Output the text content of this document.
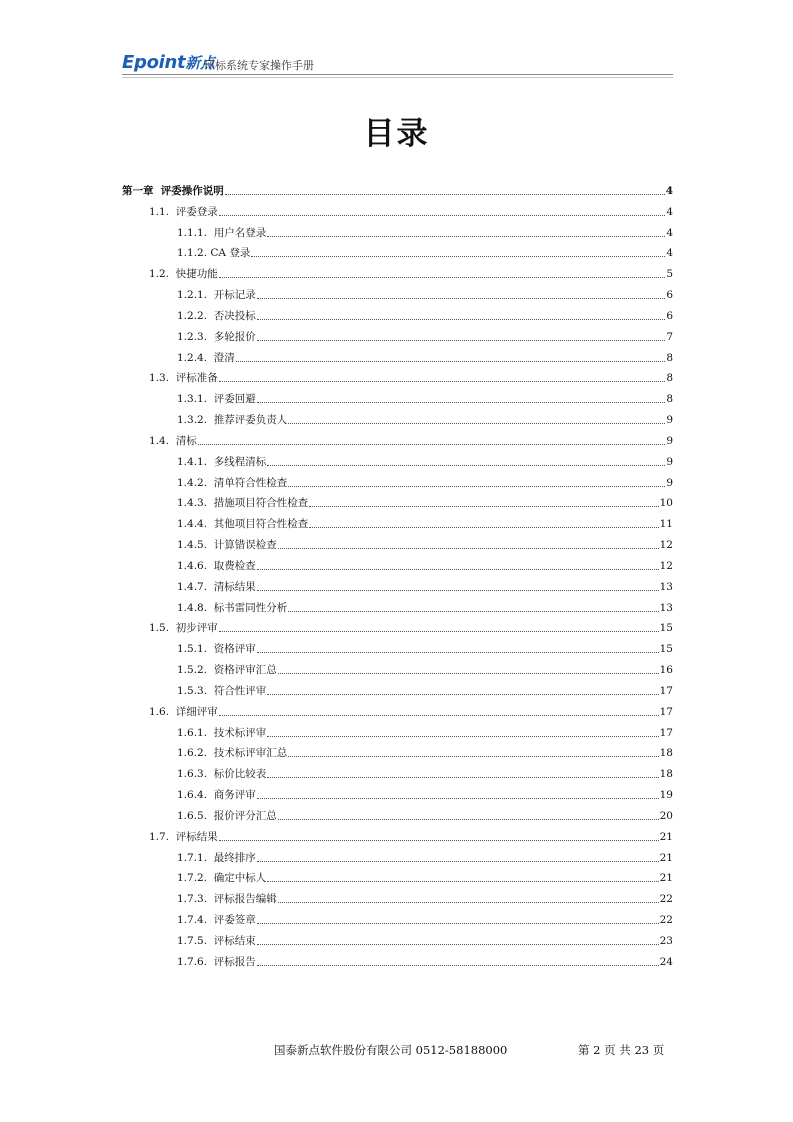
Epoint新点
评标系统专家操作手册
目录
第一章  评委操作说明	4
1.1.  评委登录	4
1.1.1.  用户名登录	4
1.1.2. CA 登录	4
1.2.  快捷功能	5
1.2.1.  开标记录	6
1.2.2.  否决投标	6
1.2.3.  多轮报价	7
1.2.4.  澄清	8
1.3.  评标准备	8
1.3.1.  评委回避	8
1.3.2.  推荐评委负责人	9
1.4.  清标	9
1.4.1.  多线程清标	9
1.4.2.  清单符合性检查	9
1.4.3.  措施项目符合性检查	10
1.4.4.  其他项目符合性检查	11
1.4.5.  计算错误检查	12
1.4.6.  取费检查	12
1.4.7.  清标结果	13
1.4.8.  标书雷同性分析	13
1.5.  初步评审	15
1.5.1.  资格评审	15
1.5.2.  资格评审汇总	16
1.5.3.  符合性评审	17
1.6.  详细评审	17
1.6.1.  技术标评审	17
1.6.2.  技术标评审汇总	18
1.6.3.  标价比较表	18
1.6.4.  商务评审	19
1.6.5.  报价评分汇总	20
1.7.  评标结果	21
1.7.1.  最终排序	21
1.7.2.  确定中标人	21
1.7.3.  评标报告编辑	22
1.7.4.  评委签章	22
1.7.5.  评标结束	23
1.7.6.  评标报告	24
国泰新点软件股份有限公司 0512-58188000	第 2 页 共 23 页
